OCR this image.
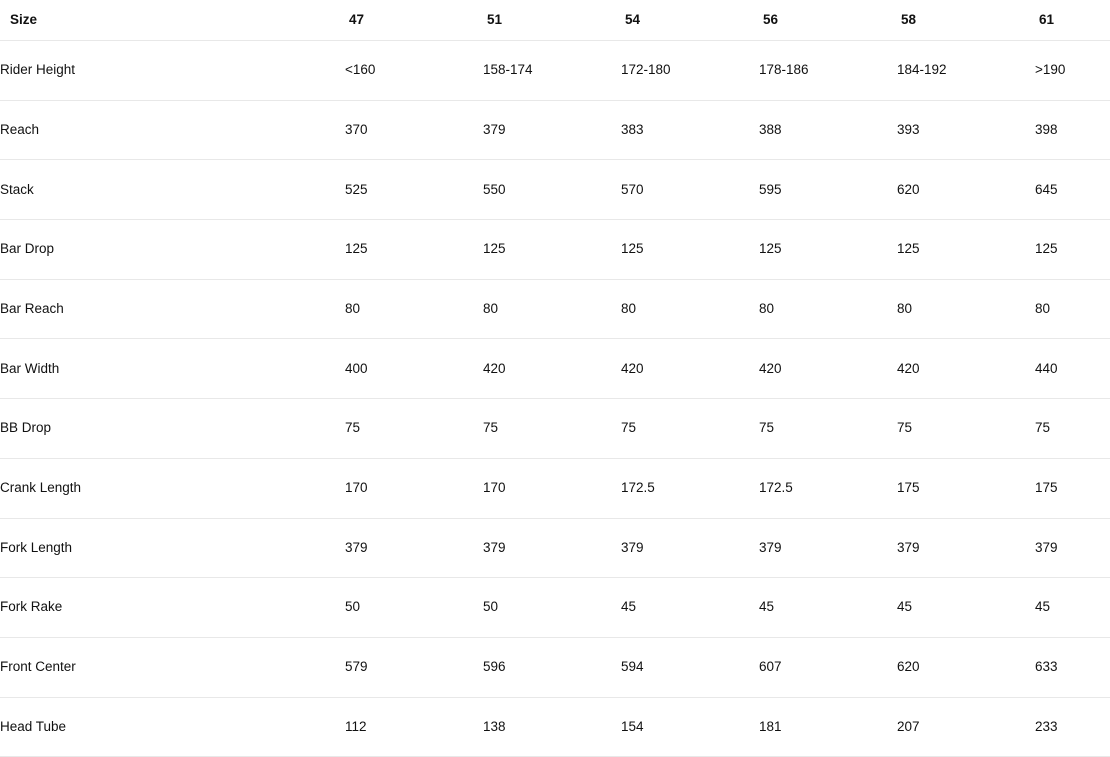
Size	47	51	54	56	58	61
Rider Height	<160	158-174	172-180	178-186	184-192	>190
Reach	370	379	383	388	393	398
Stack	525	550	570	595	620	645
Bar Drop	125	125	125	125	125	125
Bar Reach	80	80	80	80	80	80
Bar Width	400	420	420	420	420	440
BB Drop	75	75	75	75	75	75
Crank Length	170	170	172.5	172.5	175	175
Fork Length	379	379	379	379	379	379
Fork Rake	50	50	45	45	45	45
Front Center	579	596	594	607	620	633
Head Tube	112	138	154	181	207	233
